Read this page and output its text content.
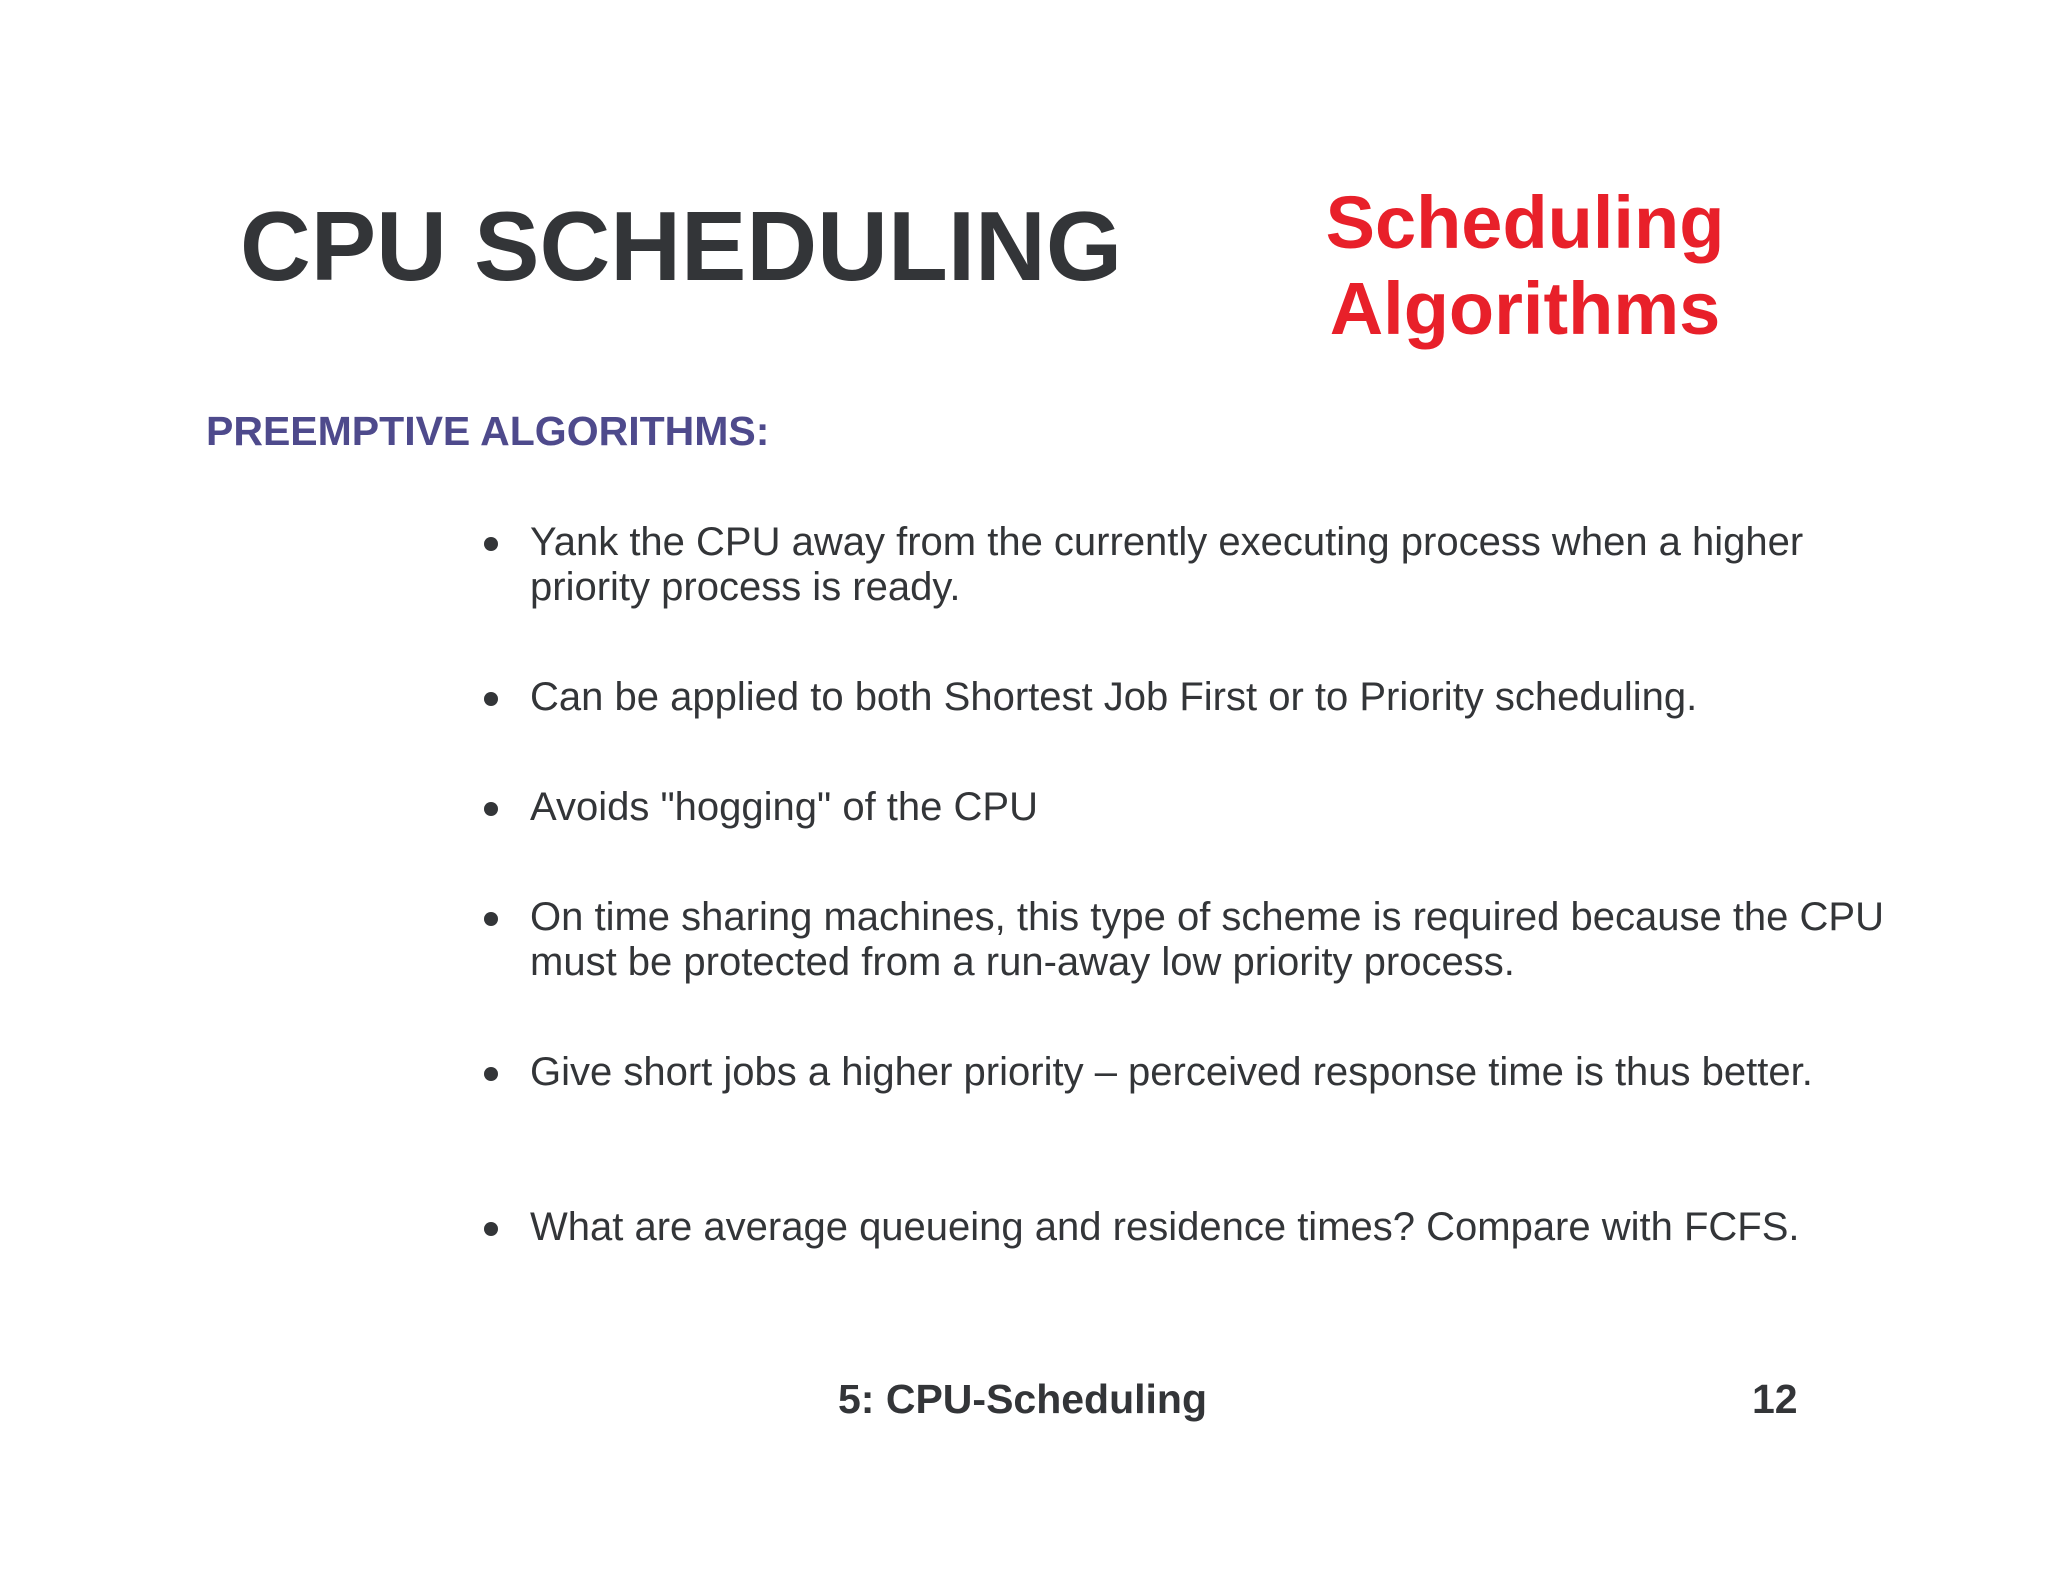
CPU SCHEDULING	Scheduling
Algorithms
PREEMPTIVE ALGORITHMS:
Yank the CPU away from the currently executing process when a higher priority process is ready.
Can be applied to both Shortest Job First or to Priority scheduling.
Avoids "hogging" of the CPU
On time sharing machines, this type of scheme is required because the CPU must be protected from a run-away low priority process.
Give short jobs a higher priority – perceived response time is thus better.
What are average queueing and residence times? Compare with FCFS.
5: CPU-Scheduling	12
